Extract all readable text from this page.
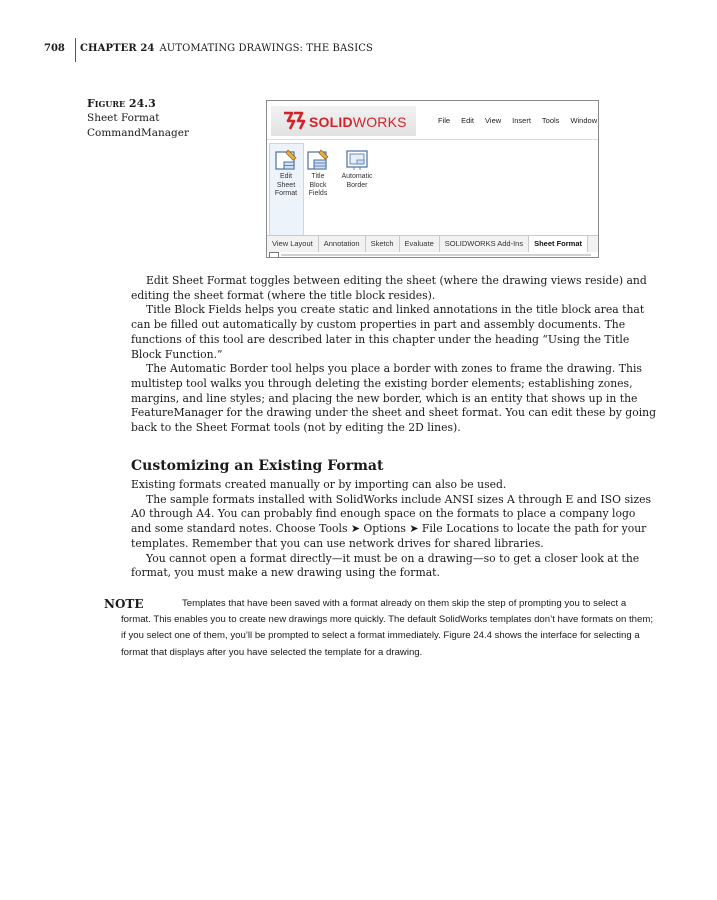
708 CHAPTER 24 AUTOMATING DRAWINGS: THE BASICS
Figure 24.3
Sheet Format
CommandManager
SOLIDWORKS	File Edit View Insert Tools Window
Edit
Sheet
Format
Title
Block
Fields
Automatic
Border
View Layout	Annotation	Sketch	Evaluate	SOLIDWORKS Add-Ins	Sheet Format

Edit Sheet Format toggles between editing the sheet (where the drawing views reside) and editing the sheet format (where the title block resides).

Title Block Fields helps you create static and linked annotations in the title block area that can be filled out automatically by custom properties in part and assembly documents. The functions of this tool are described later in this chapter under the heading “Using the Title Block Function.”

The Automatic Border tool helps you place a border with zones to frame the drawing. This multistep tool walks you through deleting the existing border elements; establishing zones, margins, and line styles; and placing the new border, which is an entity that shows up in the FeatureManager for the drawing under the sheet and sheet format. You can edit these by going back to the Sheet Format tools (not by editing the 2D lines).

Customizing an Existing Format

Existing formats created manually or by importing can also be used.

The sample formats installed with SolidWorks include ANSI sizes A through E and ISO sizes A0 through A4. You can probably find enough space on the formats to place a company logo and some standard notes. Choose Tools ➤ Options ➤ File Locations to locate the path for your templates. Remember that you can use network drives for shared libraries.

You cannot open a format directly—it must be on a drawing—so to get a closer look at the format, you must make a new drawing using the format.

NOTE	Templates that have been saved with a format already on them skip the step of prompting you to select a format. This enables you to create new drawings more quickly. The default SolidWorks templates don’t have formats on them; if you select one of them, you’ll be prompted to select a format immediately. Figure 24.4 shows the interface for selecting a format that displays after you have selected the template for a drawing.
